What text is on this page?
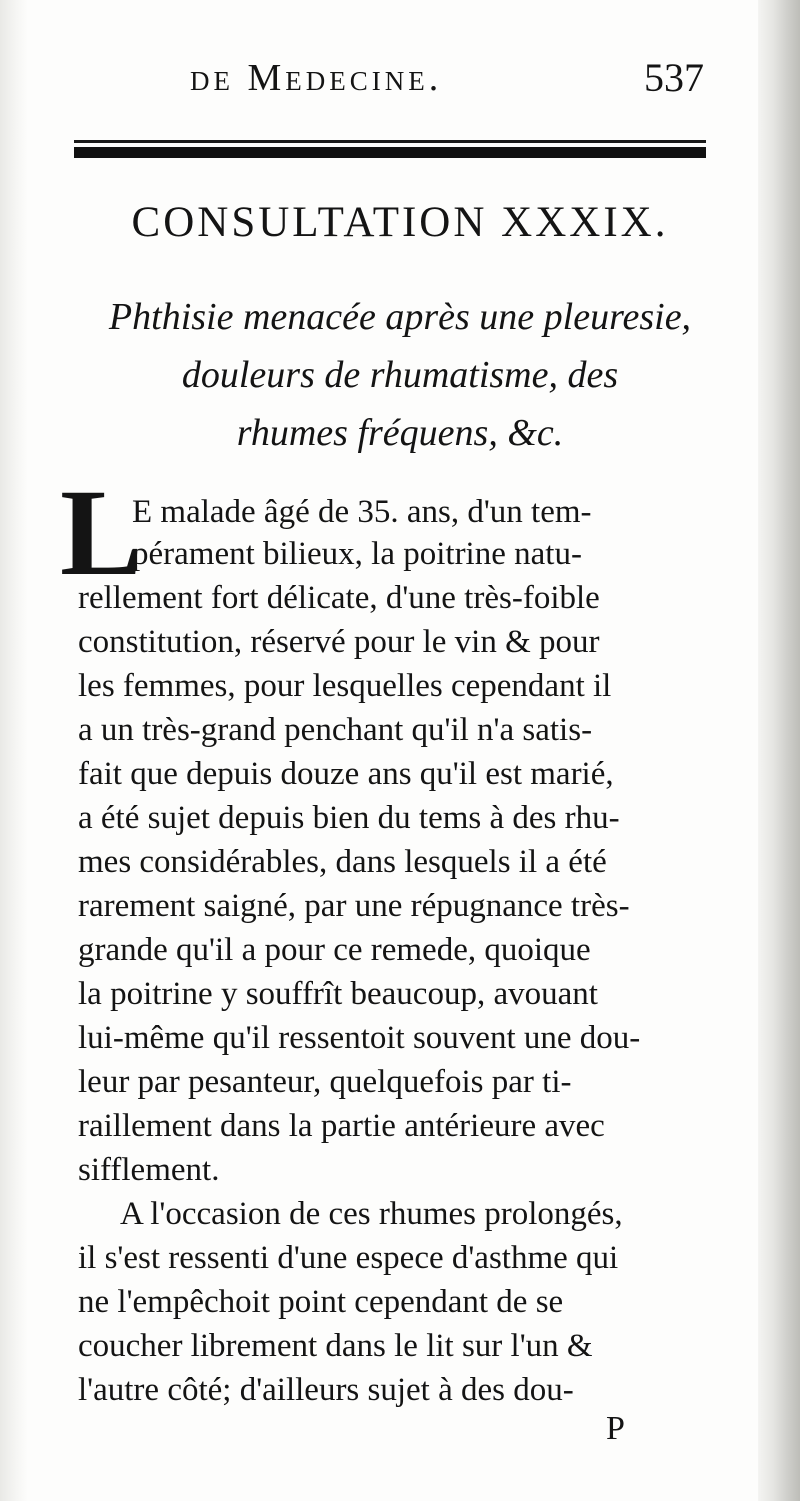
de Medecine.	537
CONSULTATION XXXIX.
Phthisie menacée après une pleuresie,
douleurs de rhumatisme, des
rhumes fréquens, &c.
L
E malade âgé de 35. ans, d'un tem-
pérament bilieux, la poitrine natu-
rellement fort délicate, d'une très-foible
constitution, réservé pour le vin & pour
les femmes, pour lesquelles cependant il
a un très-grand penchant qu'il n'a satis-
fait que depuis douze ans qu'il est marié,
a été sujet depuis bien du tems à des rhu-
mes considérables, dans lesquels il a été
rarement saigné, par une répugnance très-
grande qu'il a pour ce remede, quoique
la poitrine y souffrît beaucoup, avouant
lui-même qu'il ressentoit souvent une dou-
leur par pesanteur, quelquefois par ti-
raillement dans la partie antérieure avec
sifflement.
A l'occasion de ces rhumes prolongés,
il s'est ressenti d'une espece d'asthme qui
ne l'empêchoit point cependant de se
coucher librement dans le lit sur l'un &
l'autre côté; d'ailleurs sujet à des dou-
P
